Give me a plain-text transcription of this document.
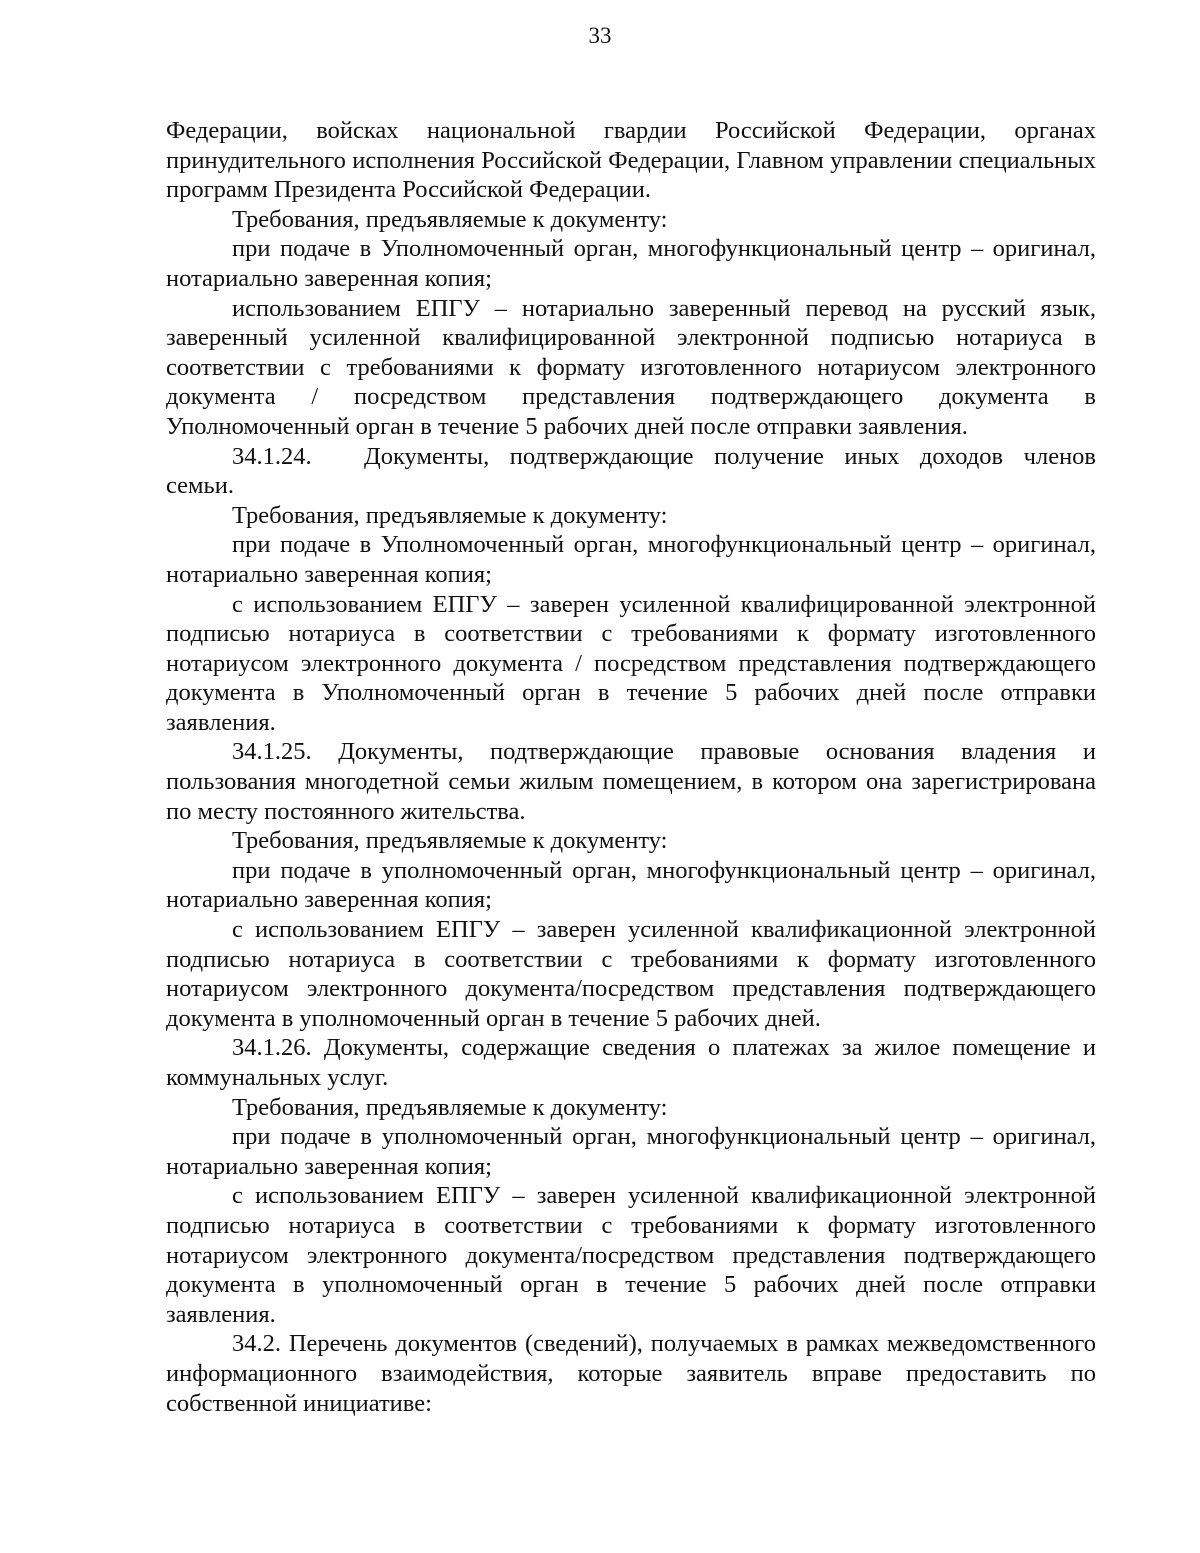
33

Федерации, войсках национальной гвардии Российской Федерации, органах принудительного исполнения Российской Федерации, Главном управлении специальных программ Президента Российской Федерации.

Требования, предъявляемые к документу:

при подаче в Уполномоченный орган, многофункциональный центр – оригинал, нотариально заверенная копия;

использованием ЕПГУ – нотариально заверенный перевод на русский язык, заверенный усиленной квалифицированной электронной подписью нотариуса в соответствии с требованиями к формату изготовленного нотариусом электронного документа / посредством представления подтверждающего документа в Уполномоченный орган в течение 5 рабочих дней после отправки заявления.

34.1.24. Документы, подтверждающие получение иных доходов членов семьи.

Требования, предъявляемые к документу:

при подаче в Уполномоченный орган, многофункциональный центр – оригинал, нотариально заверенная копия;

с использованием ЕПГУ – заверен усиленной квалифицированной электронной подписью нотариуса в соответствии с требованиями к формату изготовленного нотариусом электронного документа / посредством представления подтверждающего документа в Уполномоченный орган в течение 5 рабочих дней после отправки заявления.

34.1.25. Документы, подтверждающие правовые основания владения и пользования многодетной семьи жилым помещением, в котором она зарегистрирована по месту постоянного жительства.

Требования, предъявляемые к документу:

при подаче в уполномоченный орган, многофункциональный центр – оригинал, нотариально заверенная копия;

с использованием ЕПГУ – заверен усиленной квалификационной электронной подписью нотариуса в соответствии с требованиями к формату изготовленного нотариусом электронного документа/посредством представления подтверждающего документа в уполномоченный орган в течение 5 рабочих дней.

34.1.26. Документы, содержащие сведения о платежах за жилое помещение и коммунальных услуг.

Требования, предъявляемые к документу:

при подаче в уполномоченный орган, многофункциональный центр – оригинал, нотариально заверенная копия;

с использованием ЕПГУ – заверен усиленной квалификационной электронной подписью нотариуса в соответствии с требованиями к формату изготовленного нотариусом электронного документа/посредством представления подтверждающего документа в уполномоченный орган в течение 5 рабочих дней после отправки заявления.

34.2. Перечень документов (сведений), получаемых в рамках межведомственного информационного взаимодействия, которые заявитель вправе предоставить по собственной инициативе:
